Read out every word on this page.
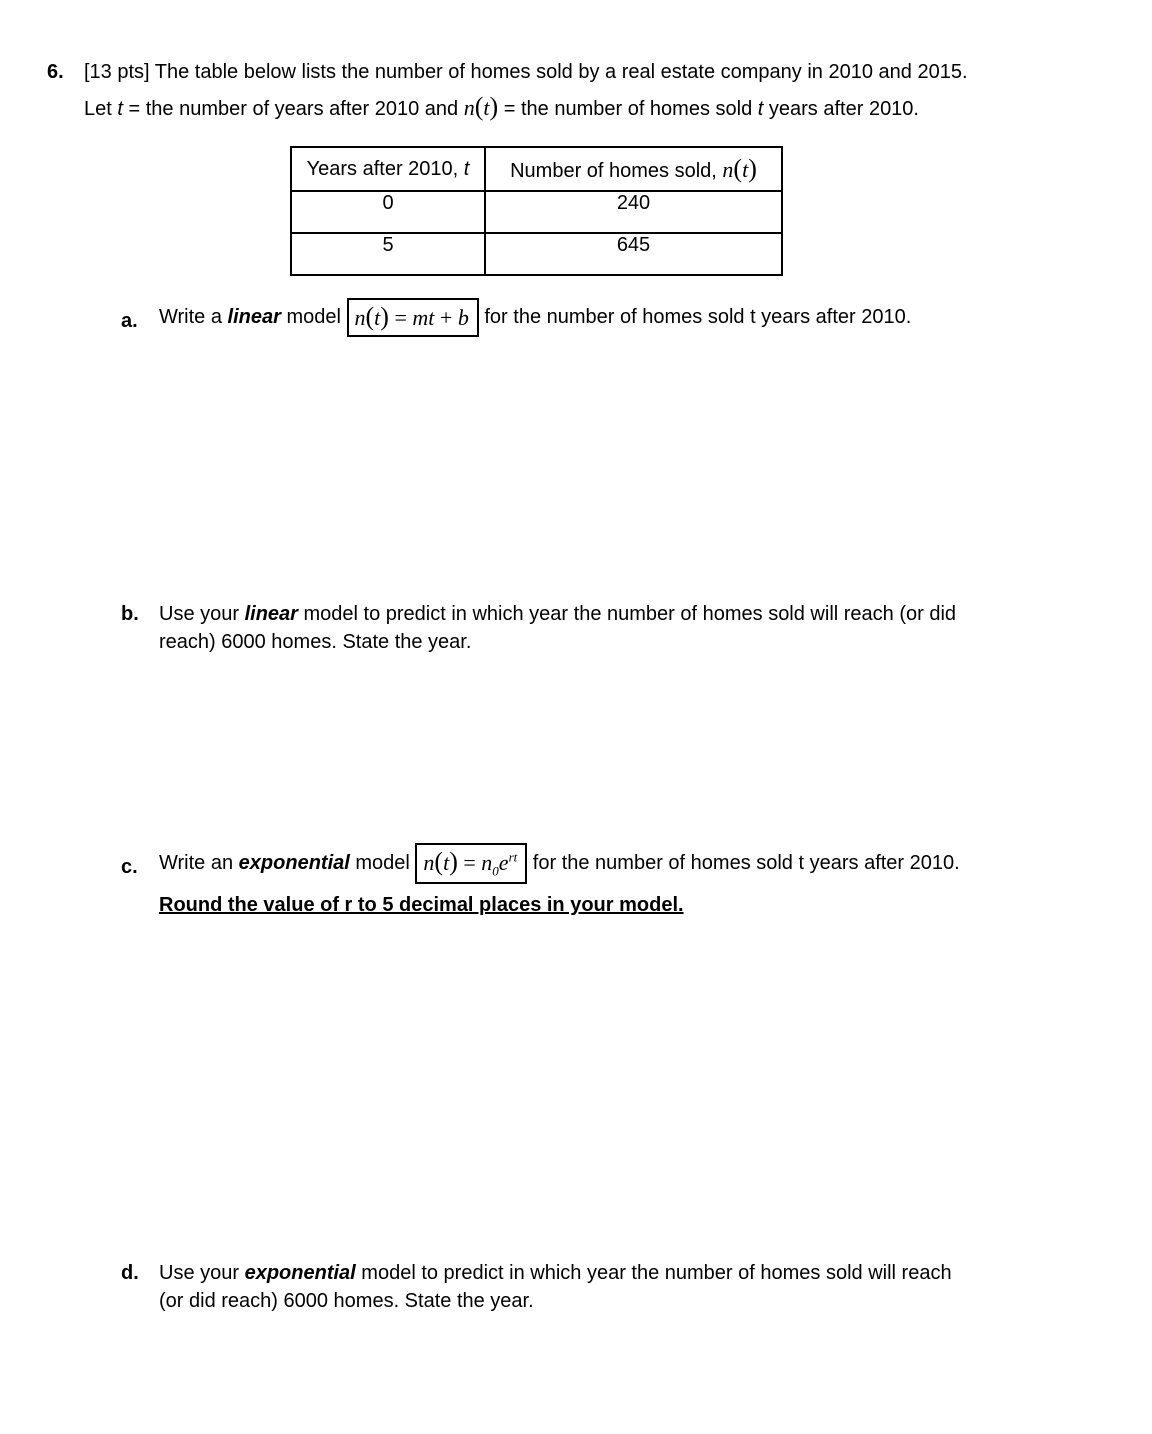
6. [13 pts] The table below lists the number of homes sold by a real estate company in 2010 and 2015.
Let t = the number of years after 2010 and n(t) = the number of homes sold t years after 2010.
Years after 2010, t	Number of homes sold, n(t)
0	240
5	645
a. Write a linear model n(t) = mt + b for the number of homes sold t years after 2010.
b. Use your linear model to predict in which year the number of homes sold will reach (or did
reach) 6000 homes. State the year.
c. Write an exponential model $n(t) = n_0e^{rt}$ for the number of homes sold t years after 2010.
Round the value of r to 5 decimal places in your model.
d. Use your exponential model to predict in which year the number of homes sold will reach
(or did reach) 6000 homes. State the year.
